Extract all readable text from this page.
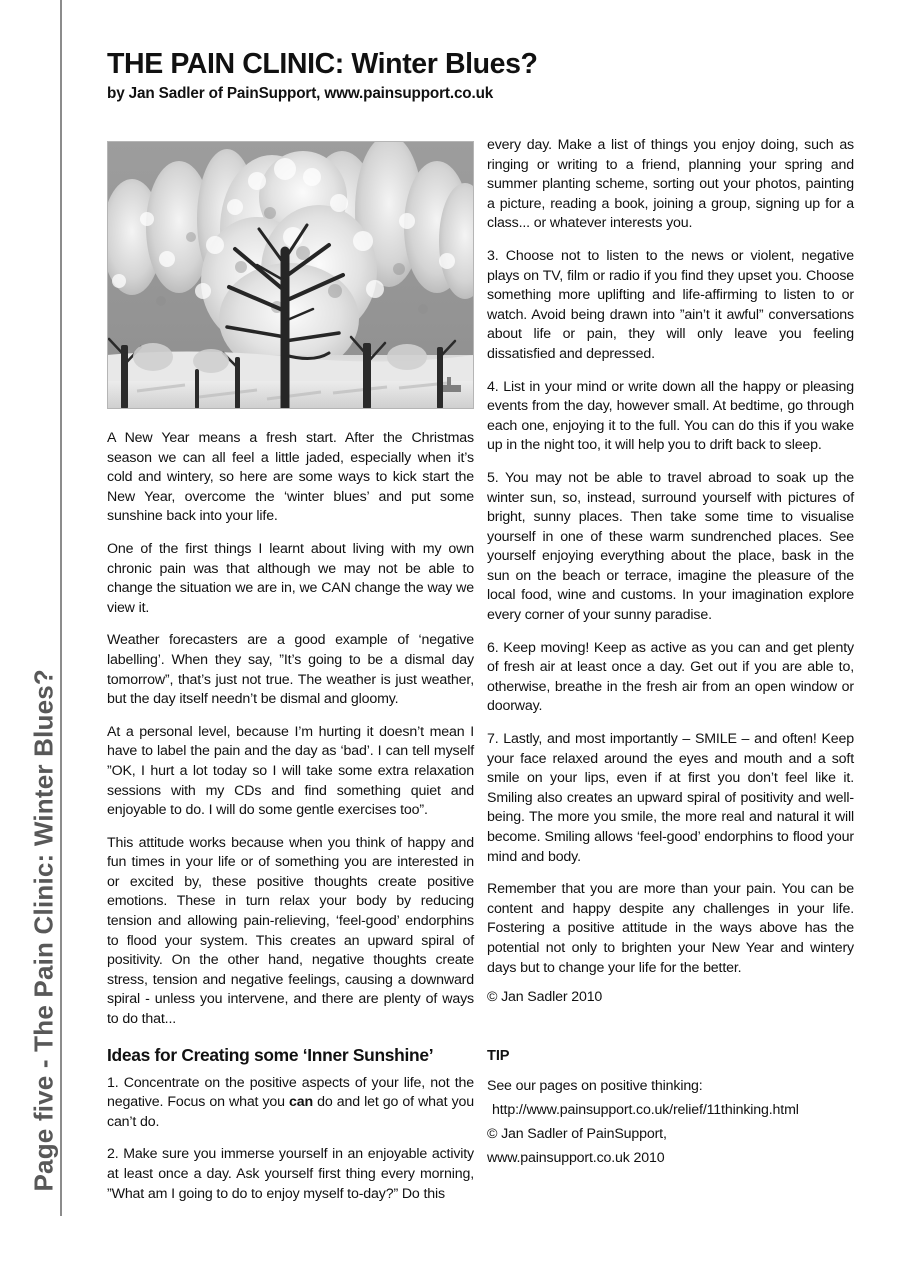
Page five - The Pain Clinic: Winter Blues?
THE PAIN CLINIC: Winter Blues?

by Jan Sadler of PainSupport, www.painsupport.co.uk

A New Year means a fresh start. After the Christmas season we can all feel a little jaded, especially when it’s cold and wintery, so here are some ways to kick start the New Year, overcome the ‘winter blues’ and put some sunshine back into your life.

One of the first things I learnt about living with my own chronic pain was that although we may not be able to change the situation we are in, we CAN change the way we view it.

Weather forecasters are a good example of ‘negative labelling’. When they say, ”It’s going to be a dismal day tomorrow”, that’s just not true. The weather is just weather, but the day itself needn’t be dismal and gloomy.

At a personal level, because I’m hurting it doesn’t mean I have to label the pain and the day as ‘bad’. I can tell myself ”OK, I hurt a lot today so I will take some extra relaxation sessions with my CDs and find something quiet and enjoyable to do. I will do some gentle exercises too”.

This attitude works because when you think of happy and fun times in your life or of something you are interested in or excited by, these positive thoughts create positive emotions. These in turn relax your body by reducing tension and allowing pain-relieving, ‘feel-good’ endorphins to flood your system. This creates an upward spiral of positivity. On the other hand, negative thoughts create stress, tension and negative feelings, causing a downward spiral - unless you intervene, and there are plenty of ways to do that...

Ideas for Creating some ‘Inner Sunshine’

1. Concentrate on the positive aspects of your life, not the negative. Focus on what you can do and let go of what you can’t do.

2. Make sure you immerse yourself in an enjoyable activity at least once a day. Ask yourself first thing every morning, ”What am I going to do to enjoy myself to-day?” Do this

every day. Make a list of things you enjoy doing, such as ringing or writing to a friend, planning your spring and summer planting scheme, sorting out your photos, painting a picture, reading a book, joining a group, signing up for a class... or whatever interests you.

3. Choose not to listen to the news or violent, negative plays on TV, film or radio if you find they upset you. Choose something more uplifting and life-affirming to listen to or watch. Avoid being drawn into ”ain’t it awful” conversations about life or pain, they will only leave you feeling dissatisfied and depressed.

4. List in your mind or write down all the happy or pleasing events from the day, however small. At bedtime, go through each one, enjoying it to the full. You can do this if you wake up in the night too, it will help you to drift back to sleep.

5. You may not be able to travel abroad to soak up the winter sun, so, instead, surround yourself with pictures of bright, sunny places. Then take some time to visualise yourself in one of these warm sundrenched places. See yourself enjoying everything about the place, bask in the sun on the beach or terrace, imagine the pleasure of the local food, wine and customs. In your imagination explore every corner of your sunny paradise.

6. Keep moving! Keep as active as you can and get plenty of fresh air at least once a day. Get out if you are able to, otherwise, breathe in the fresh air from an open window or doorway.

7. Lastly, and most importantly – SMILE – and often! Keep your face relaxed around the eyes and mouth and a soft smile on your lips, even if at first you don’t feel like it. Smiling also creates an upward spiral of positivity and well-being. The more you smile, the more real and natural it will become. Smiling allows ‘feel-good’ endorphins to flood your mind and body.

Remember that you are more than your pain. You can be content and happy despite any challenges in your life. Fostering a positive attitude in the ways above has the potential not only to brighten your New Year and wintery days but to change your life for the better.

© Jan Sadler 2010

TIP

See our pages on positive thinking:

http://www.painsupport.co.uk/relief/11thinking.html

© Jan Sadler of PainSupport,

www.painsupport.co.uk 2010
